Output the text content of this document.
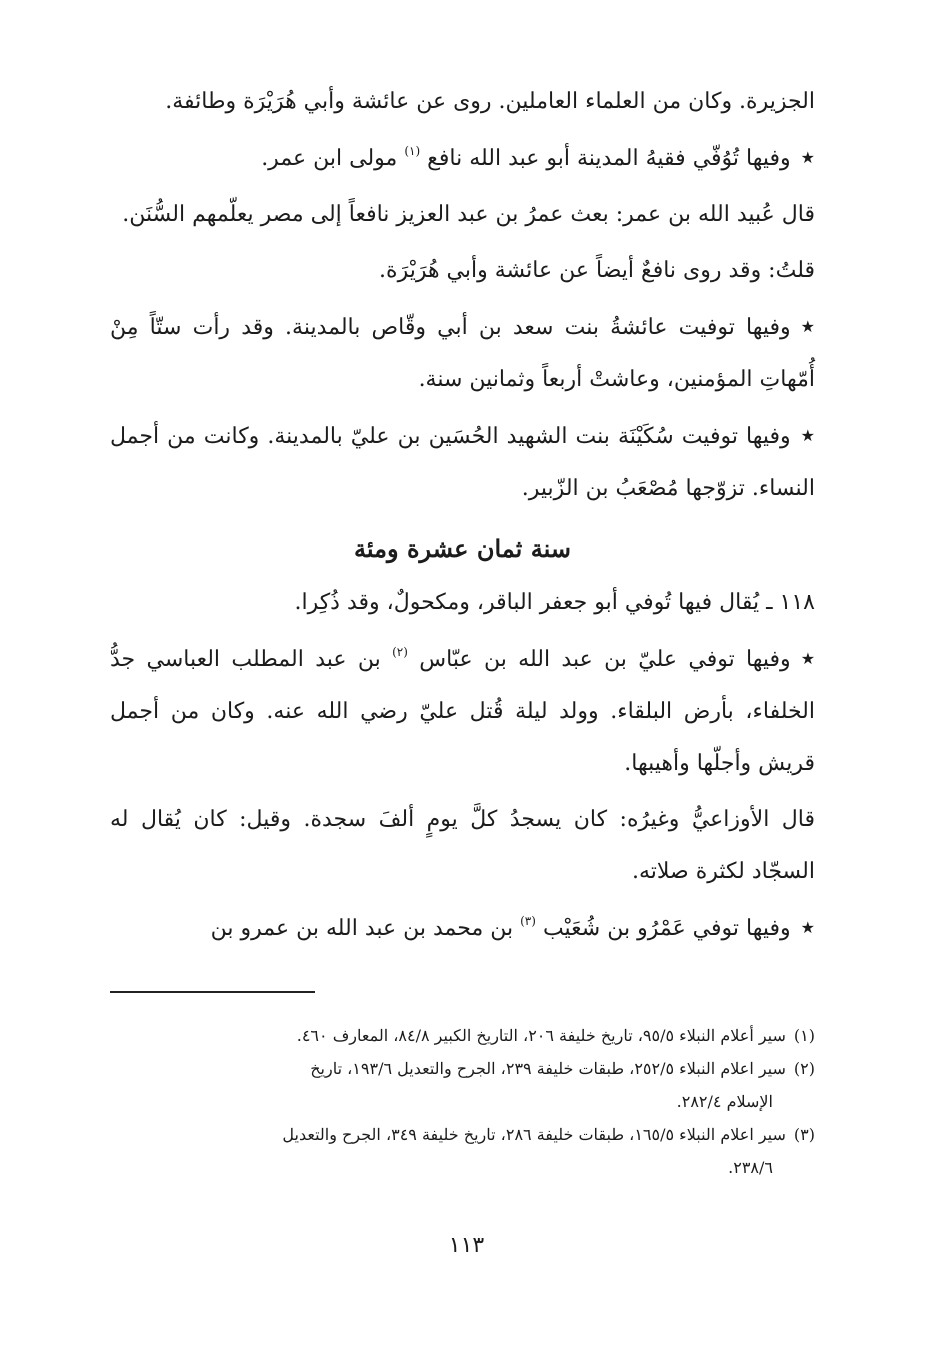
الجزيرة. وكان من العلماء العاملين. روى عن عائشة وأبي هُرَيْرَة وطائفة.

★وفيها تُوُفّي فقيهُ المدينة أبو عبد الله نافع $^{(١)}$ مولى ابن عمر.

قال عُبيد الله بن عمر: بعث عمرُ بن عبد العزيز نافعاً إلى مصر يعلّمهم السُّنَن.

قلتُ: وقد روى نافعٌ أيضاً عن عائشة وأبي هُرَيْرَة.

★وفيها توفيت عائشةُ بنت سعد بن أبي وقّاص بالمدينة. وقد رأت ستّاً مِنْ أُمّهاتِ المؤمنين، وعاشتْ أربعاً وثمانين سنة.

★وفيها توفيت سُكَيْنَة بنت الشهيد الحُسَين بن عليّ بالمدينة. وكانت من أجمل النساء. تزوّجها مُصْعَبُ بن الزّبير.

سنة ثمان عشرة ومئة

١١٨ ـ يُقال فيها تُوفي أبو جعفر الباقر، ومكحولٌ، وقد ذُكِرا.

★وفيها توفي عليّ بن عبد الله بن عبّاس $^{(٢)}$ بن عبد المطلب العباسي جدُّ الخلفاء، بأرض البلقاء. وولد ليلة قُتل عليّ رضي الله عنه. وكان من أجمل قريش وأجلّها وأهيبها.

قال الأوزاعيُّ وغيرُه: كان يسجدُ كلَّ يومٍ ألفَ سجدة. وقيل: كان يُقال له السجّاد لكثرة صلاته.

★وفيها توفي عَمْرُو بن شُعَيْب $^{(٣)}$ بن محمد بن عبد الله بن عمرو بن

(١)سير أعلام النبلاء ٩٥/٥، تاريخ خليفة ٢٠٦، التاريخ الكبير ٨٤/٨، المعارف ٤٦٠.

(٢)سير اعلام النبلاء ٢٥٢/٥، طبقات خليفة ٢٣٩، الجرح والتعديل ١٩٣/٦، تاريخ

الإسلام ٢٨٢/٤.

(٣)سير اعلام النبلاء ١٦٥/٥، طبقات خليفة ٢٨٦، تاريخ خليفة ٣٤٩، الجرح والتعديل

٢٣٨/٦.

١١٣
